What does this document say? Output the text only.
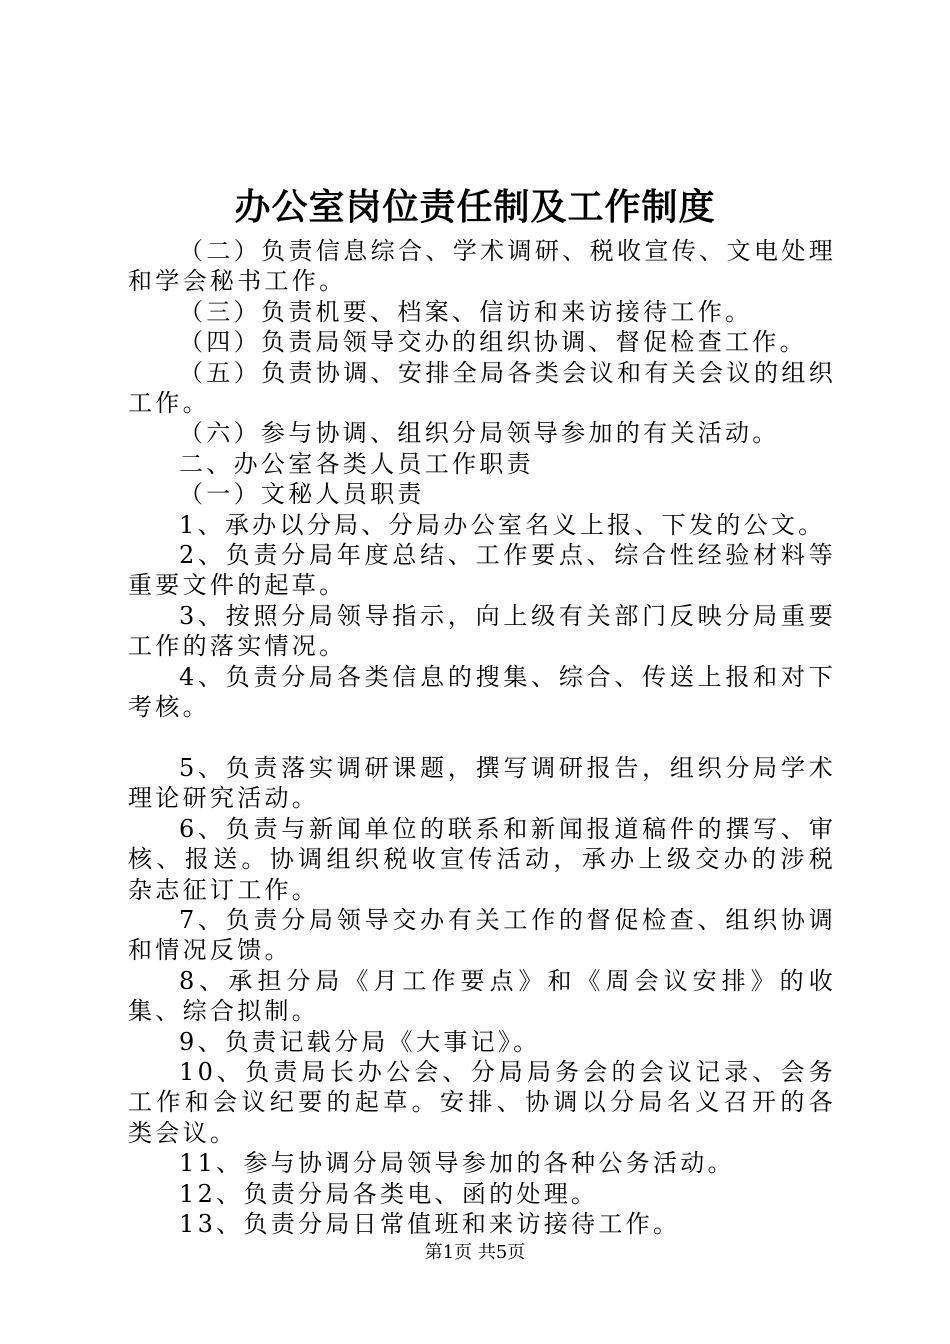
办公室岗位责任制及工作制度

（二）负责信息综合、学术调研、税收宣传、文电处理和学会秘书工作。

（三）负责机要、档案、信访和来访接待工作。

（四）负责局领导交办的组织协调、督促检查工作。

（五）负责协调、安排全局各类会议和有关会议的组织工作。

（六）参与协调、组织分局领导参加的有关活动。

二、办公室各类人员工作职责

（一）文秘人员职责

1、承办以分局、分局办公室名义上报、下发的公文。

2、负责分局年度总结、工作要点、综合性经验材料等重要文件的起草。

3、按照分局领导指示，向上级有关部门反映分局重要工作的落实情况。

4、负责分局各类信息的搜集、综合、传送上报和对下考核。

5、负责落实调研课题，撰写调研报告，组织分局学术理论研究活动。

6、负责与新闻单位的联系和新闻报道稿件的撰写、审核、报送。协调组织税收宣传活动，承办上级交办的涉税杂志征订工作。

7、负责分局领导交办有关工作的督促检查、组织协调和情况反馈。

8、承担分局《月工作要点》和《周会议安排》的收集、综合拟制。

9、负责记载分局《大事记》。

10、负责局长办公会、分局局务会的会议记录、会务工作和会议纪要的起草。安排、协调以分局名义召开的各类会议。

11、参与协调分局领导参加的各种公务活动。

12、负责分局各类电、函的处理。

13、负责分局日常值班和来访接待工作。

第1页 共5页
